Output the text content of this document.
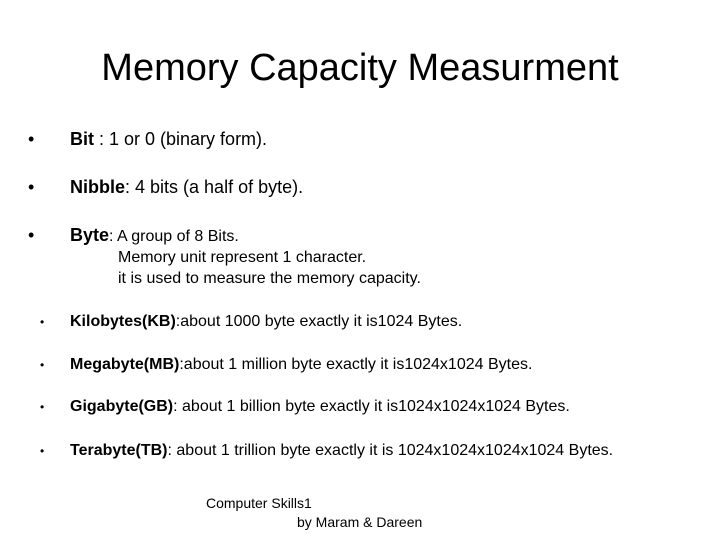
Memory Capacity Measurment
• Bit : 1 or 0 (binary form).
• Nibble: 4 bits (a half of byte).
• Byte: A group of 8 Bits.
Memory unit represent 1 character.
it is used to measure the memory capacity.
• Kilobytes(KB):about 1000 byte exactly it is1024 Bytes.
• Megabyte(MB):about 1 million byte exactly it is1024x1024 Bytes.
• Gigabyte(GB): about 1 billion byte exactly it is1024x1024x1024 Bytes.
• Terabyte(TB): about 1 trillion byte exactly it is 1024x1024x1024x1024 Bytes.
Computer Skills1
by Maram & Dareen
